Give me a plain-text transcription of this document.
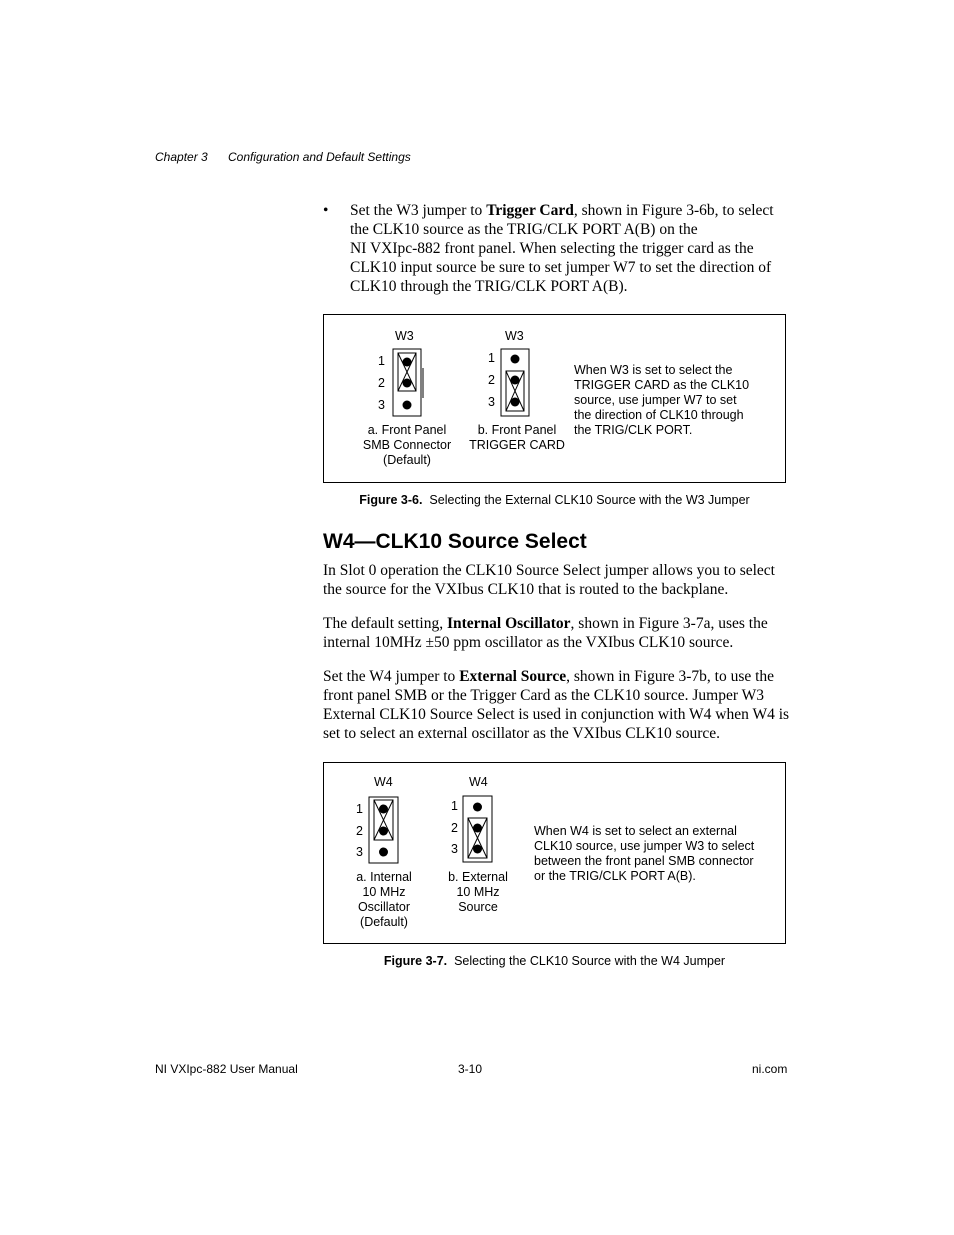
Chapter 3 Configuration and Default Settings
• Set the W3 jumper to Trigger Card, shown in Figure 3-6b, to select
the CLK10 source as the TRIG/CLK PORT A(B) on the
NI VXIpc-882 front panel. When selecting the trigger card as the
CLK10 input source be sure to set jumper W7 to set the direction of
CLK10 through the TRIG/CLK PORT A(B).
W3
1
2
3
a. Front Panel
SMB Connector
(Default)
W3
1
2
3
b. Front Panel
TRIGGER CARD
When W3 is set to select the
TRIGGER CARD as the CLK10
source, use jumper W7 to set
the direction of CLK10 through
the TRIG/CLK PORT.
Figure 3-6. Selecting the External CLK10 Source with the W3 Jumper
W4—CLK10 Source Select
In Slot 0 operation the CLK10 Source Select jumper allows you to select
the source for the VXIbus CLK10 that is routed to the backplane.
The default setting, Internal Oscillator, shown in Figure 3-7a, uses the
internal 10MHz ±50 ppm oscillator as the VXIbus CLK10 source.
Set the W4 jumper to External Source, shown in Figure 3-7b, to use the
front panel SMB or the Trigger Card as the CLK10 source. Jumper W3
External CLK10 Source Select is used in conjunction with W4 when W4 is
set to select an external oscillator as the VXIbus CLK10 source.
W4
1
2
3
a. Internal
10 MHz
Oscillator
(Default)
W4
1
2
3
b. External
10 MHz
Source
When W4 is set to select an external
CLK10 source, use jumper W3 to select
between the front panel SMB connector
or the TRIG/CLK PORT A(B).
Figure 3-7. Selecting the CLK10 Source with the W4 Jumper
NI VXIpc-882 User Manual	3-10	ni.com
